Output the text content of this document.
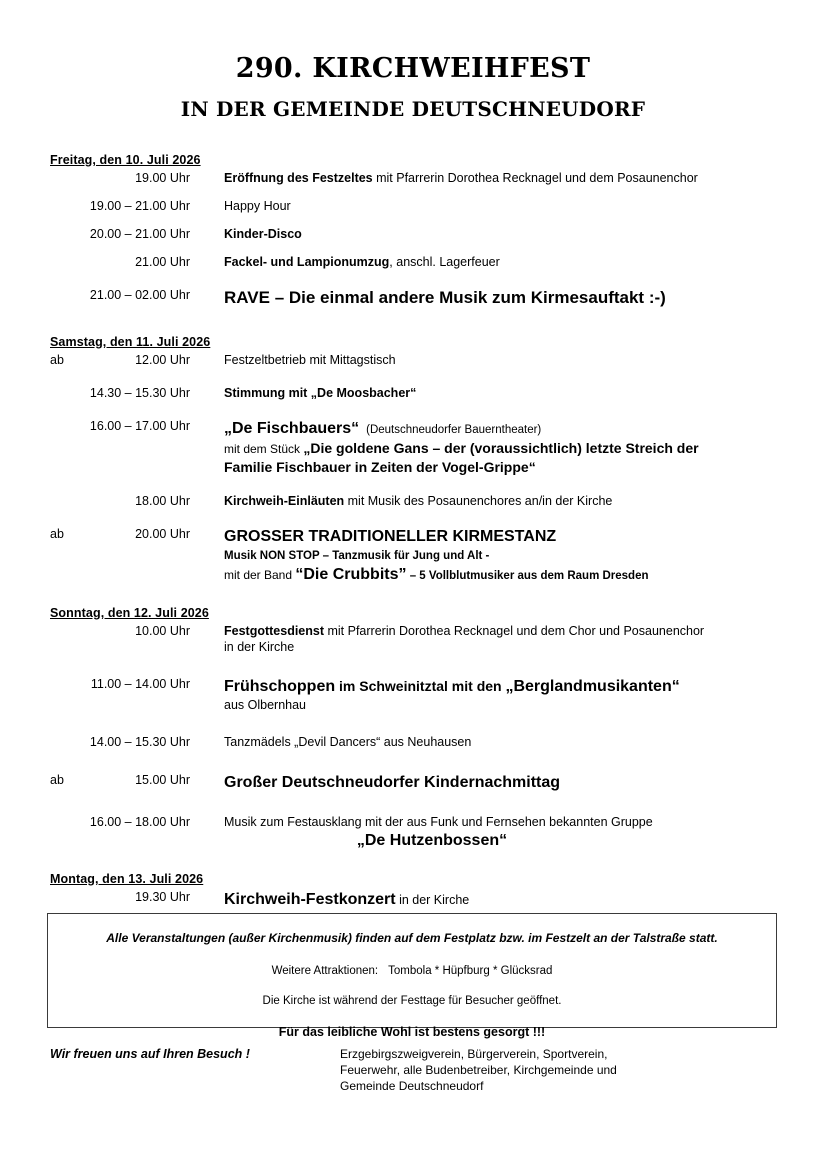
290. KIRCHWEIHFEST
IN DER GEMEINDE DEUTSCHNEUDORF
Freitag, den 10. Juli 2026
19.00 Uhr	Eröffnung des Festzeltes mit Pfarrerin Dorothea Recknagel und dem Posaunenchor
19.00 – 21.00 Uhr	Happy Hour
20.00 – 21.00 Uhr	Kinder-Disco
21.00 Uhr	Fackel- und Lampionumzug, anschl. Lagerfeuer
21.00 – 02.00 Uhr	RAVE – Die einmal andere Musik zum Kirmesauftakt :-)
Samstag, den 11. Juli 2026
ab	12.00 Uhr	Festzeltbetrieb mit Mittagstisch
14.30 – 15.30 Uhr	Stimmung mit „De Moosbacher“
16.00 – 17.00 Uhr „De Fischbauers“ (Deutschneudorfer Bauerntheater)
mit dem Stück „Die goldene Gans – der (voraussichtlich) letzte Streich der
Familie Fischbauer in Zeiten der Vogel-Grippe“
18.00 Uhr	Kirchweih-Einläuten mit Musik des Posaunenchores an/in der Kirche
ab	20.00 Uhr GROSSER TRADITIONELLER KIRMESTANZ
Musik NON STOP – Tanzmusik für Jung und Alt -
mit der Band “Die Crubbits” – 5 Vollblutmusiker aus dem Raum Dresden
Sonntag, den 12. Juli 2026
10.00 Uhr	Festgottesdienst mit Pfarrerin Dorothea Recknagel und dem Chor und Posaunenchor
in der Kirche
11.00 – 14.00 Uhr Frühschoppen im Schweinitztal mit den „Berglandmusikanten“
aus Olbernhau
14.00 – 15.30 Uhr	Tanzmädels „Devil Dancers“ aus Neuhausen
ab	15.00 Uhr	Großer Deutschneudorfer Kindernachmittag
16.00 – 18.00 Uhr	Musik zum Festausklang mit der aus Funk und Fernsehen bekannten Gruppe
„De Hutzenbossen“
Montag, den 13. Juli 2026
19.30 Uhr	Kirchweih-Festkonzert in der Kirche
Alle Veranstaltungen (außer Kirchenmusik) finden auf dem Festplatz bzw. im Festzelt an der Talstraße statt.
Weitere Attraktionen: Tombola * Hüpfburg * Glücksrad
Die Kirche ist während der Festtage für Besucher geöffnet.
Für das leibliche Wohl ist bestens gesorgt !!!
Wir freuen uns auf Ihren Besuch !	Erzgebirgszweigverein, Bürgerverein, Sportverein,
Feuerwehr, alle Budenbetreiber, Kirchgemeinde und
Gemeinde Deutschneudorf
